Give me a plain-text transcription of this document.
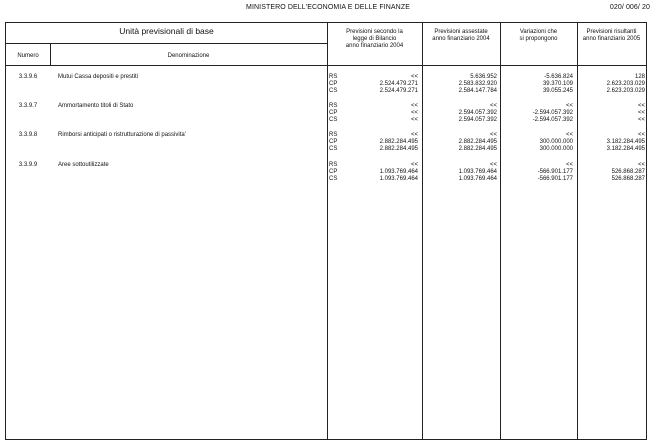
MINISTERO DELL'ECONOMIA E DELLE FINANZE	020/ 006/ 20
Unità previsionali di base
Numero	Denominazione
Previsioni secondo la
legge di Bilancio
anno finanziario 2004
Previsioni assestate
anno finanziario 2004
Variazioni che
si propongono
Previsioni risultanti
anno finanziario 2005
3.3.9.6	Mutui Cassa depositi e prestiti	RS	<<	5.636.952	-5.636.824	128
CP	2.524.479.271	2.583.832.920	39.370.109	2.623.203.029
CS	2.524.479.271	2.584.147.784	39.055.245	2.623.203.029
3.3.9.7	Ammortamento titoli di Stato	RS	<<	<<	<<	<<
CP	<<	2.594.057.392	-2.594.057.392	<<
CS	<<	2.594.057.392	-2.594.057.392	<<
3.3.9.8	Rimborsi anticipati o ristrutturazione di passivita'	RS	<<	<<	<<	<<
CP	2.882.284.495	2.882.284.495	300.000.000	3.182.284.495
CS	2.882.284.495	2.882.284.495	300.000.000	3.182.284.495
3.3.9.9	Aree sottoutilizzate	RS	<<	<<	<<	<<
CP	1.093.769.464	1.093.769.464	-566.901.177	526.868.287
CS	1.093.769.464	1.093.769.464	-566.901.177	526.868.287
